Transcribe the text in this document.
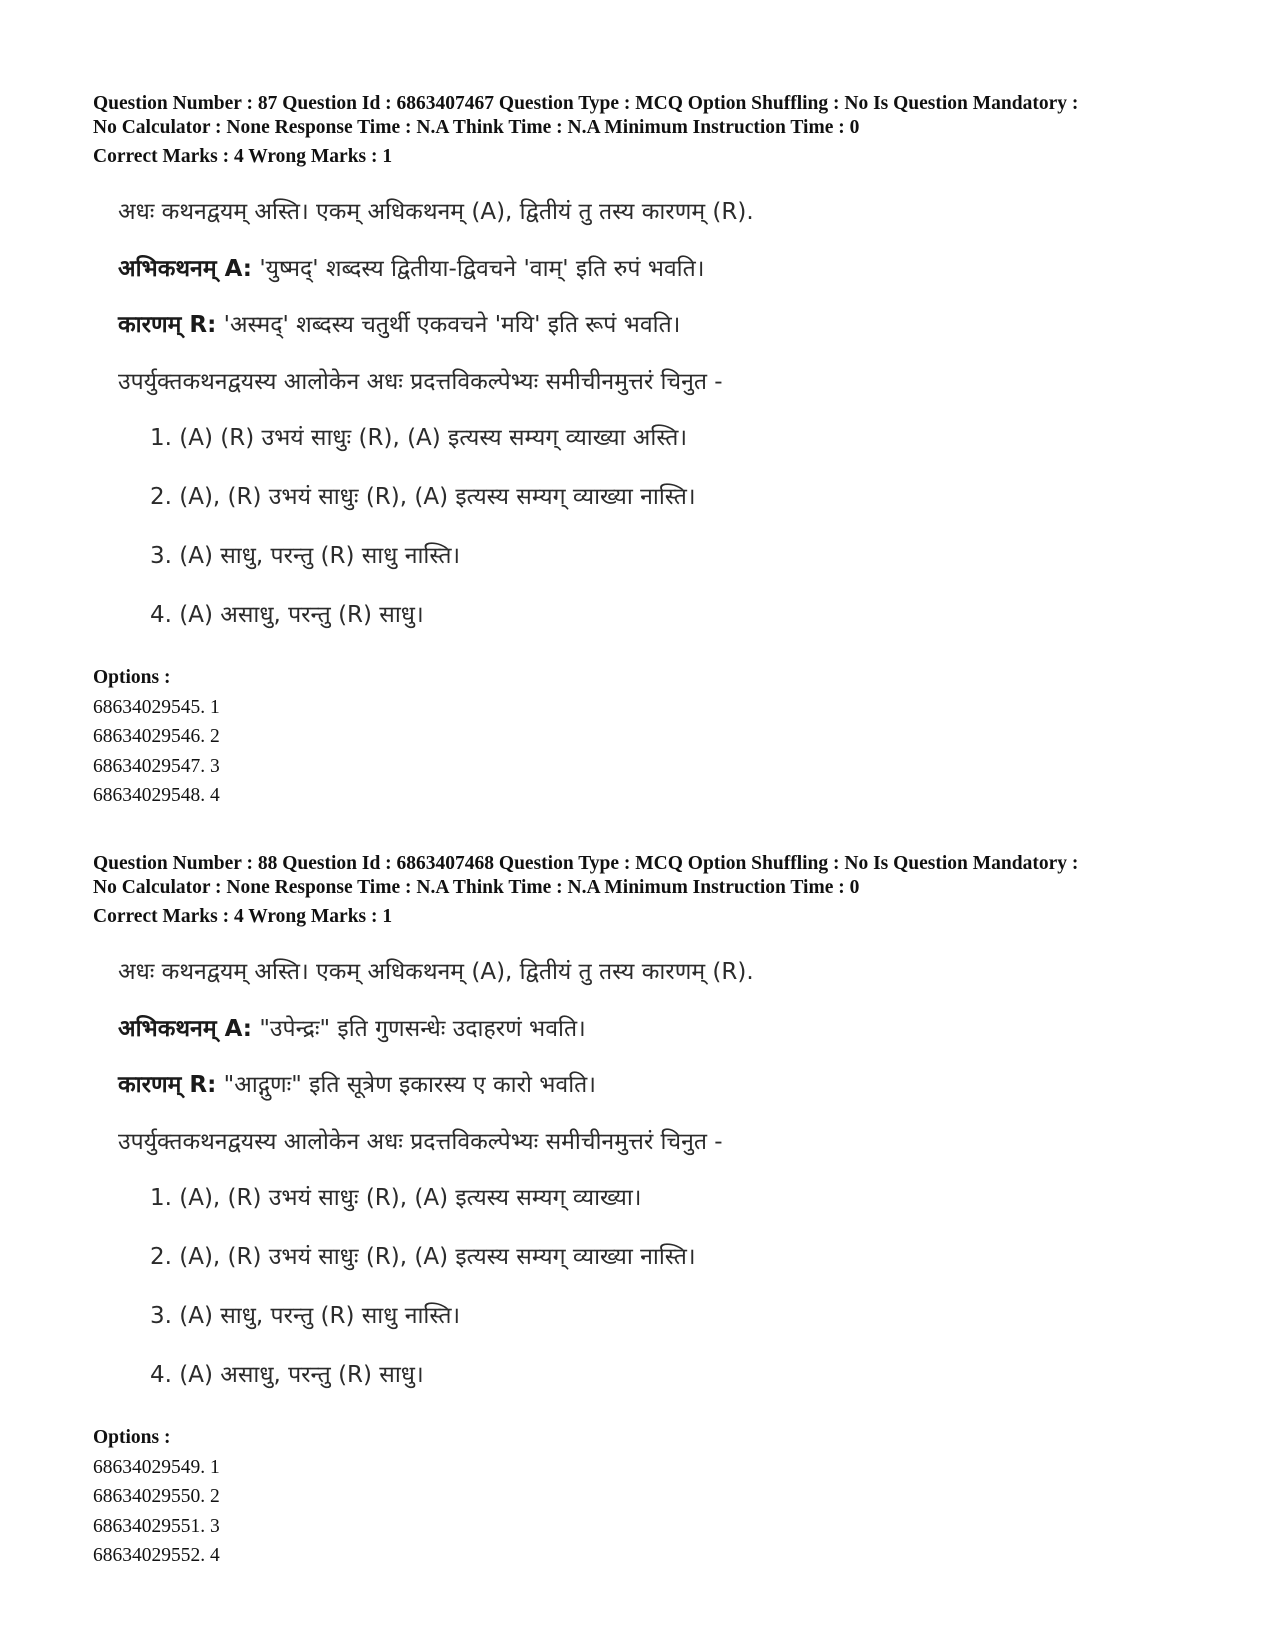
Question Number : 87 Question Id : 6863407467 Question Type : MCQ Option Shuffling : No Is Question Mandatory :
No Calculator : None Response Time : N.A Think Time : N.A Minimum Instruction Time : 0
Correct Marks : 4 Wrong Marks : 1
अधः कथनद्वयम् अस्ति। एकम् अधिकथनम् (A), द्वितीयं तु तस्य कारणम् (R).
अभिकथनम् A: 'युष्मद्' शब्दस्य द्वितीया-द्विवचने 'वाम्' इति रुपं भवति।
कारणम् R: 'अस्मद्' शब्दस्य चतुर्थी एकवचने 'मयि' इति रूपं भवति।
उपर्युक्तकथनद्वयस्य आलोकेन अधः प्रदत्तविकल्पेभ्यः समीचीनमुत्तरं चिनुत -
1. (A) (R) उभयं साधुः (R), (A) इत्यस्य सम्यग् व्याख्या अस्ति।
2. (A), (R) उभयं साधुः (R), (A) इत्यस्य सम्यग् व्याख्या नास्ति।
3. (A) साधु, परन्तु (R) साधु नास्ति।
4. (A) असाधु, परन्तु (R) साधु।
Options :
68634029545. 1
68634029546. 2
68634029547. 3
68634029548. 4
Question Number : 88 Question Id : 6863407468 Question Type : MCQ Option Shuffling : No Is Question Mandatory :
No Calculator : None Response Time : N.A Think Time : N.A Minimum Instruction Time : 0
Correct Marks : 4 Wrong Marks : 1
अधः कथनद्वयम् अस्ति। एकम् अधिकथनम् (A), द्वितीयं तु तस्य कारणम् (R).
अभिकथनम् A: "उपेन्द्रः" इति गुणसन्धेः उदाहरणं भवति।
कारणम् R: "आद्गुणः" इति सूत्रेण इकारस्य ए कारो भवति।
उपर्युक्तकथनद्वयस्य आलोकेन अधः प्रदत्तविकल्पेभ्यः समीचीनमुत्तरं चिनुत -
1. (A), (R) उभयं साधुः (R), (A) इत्यस्य सम्यग् व्याख्या।
2. (A), (R) उभयं साधुः (R), (A) इत्यस्य सम्यग् व्याख्या नास्ति।
3. (A) साधु, परन्तु (R) साधु नास्ति।
4. (A) असाधु, परन्तु (R) साधु।
Options :
68634029549. 1
68634029550. 2
68634029551. 3
68634029552. 4
